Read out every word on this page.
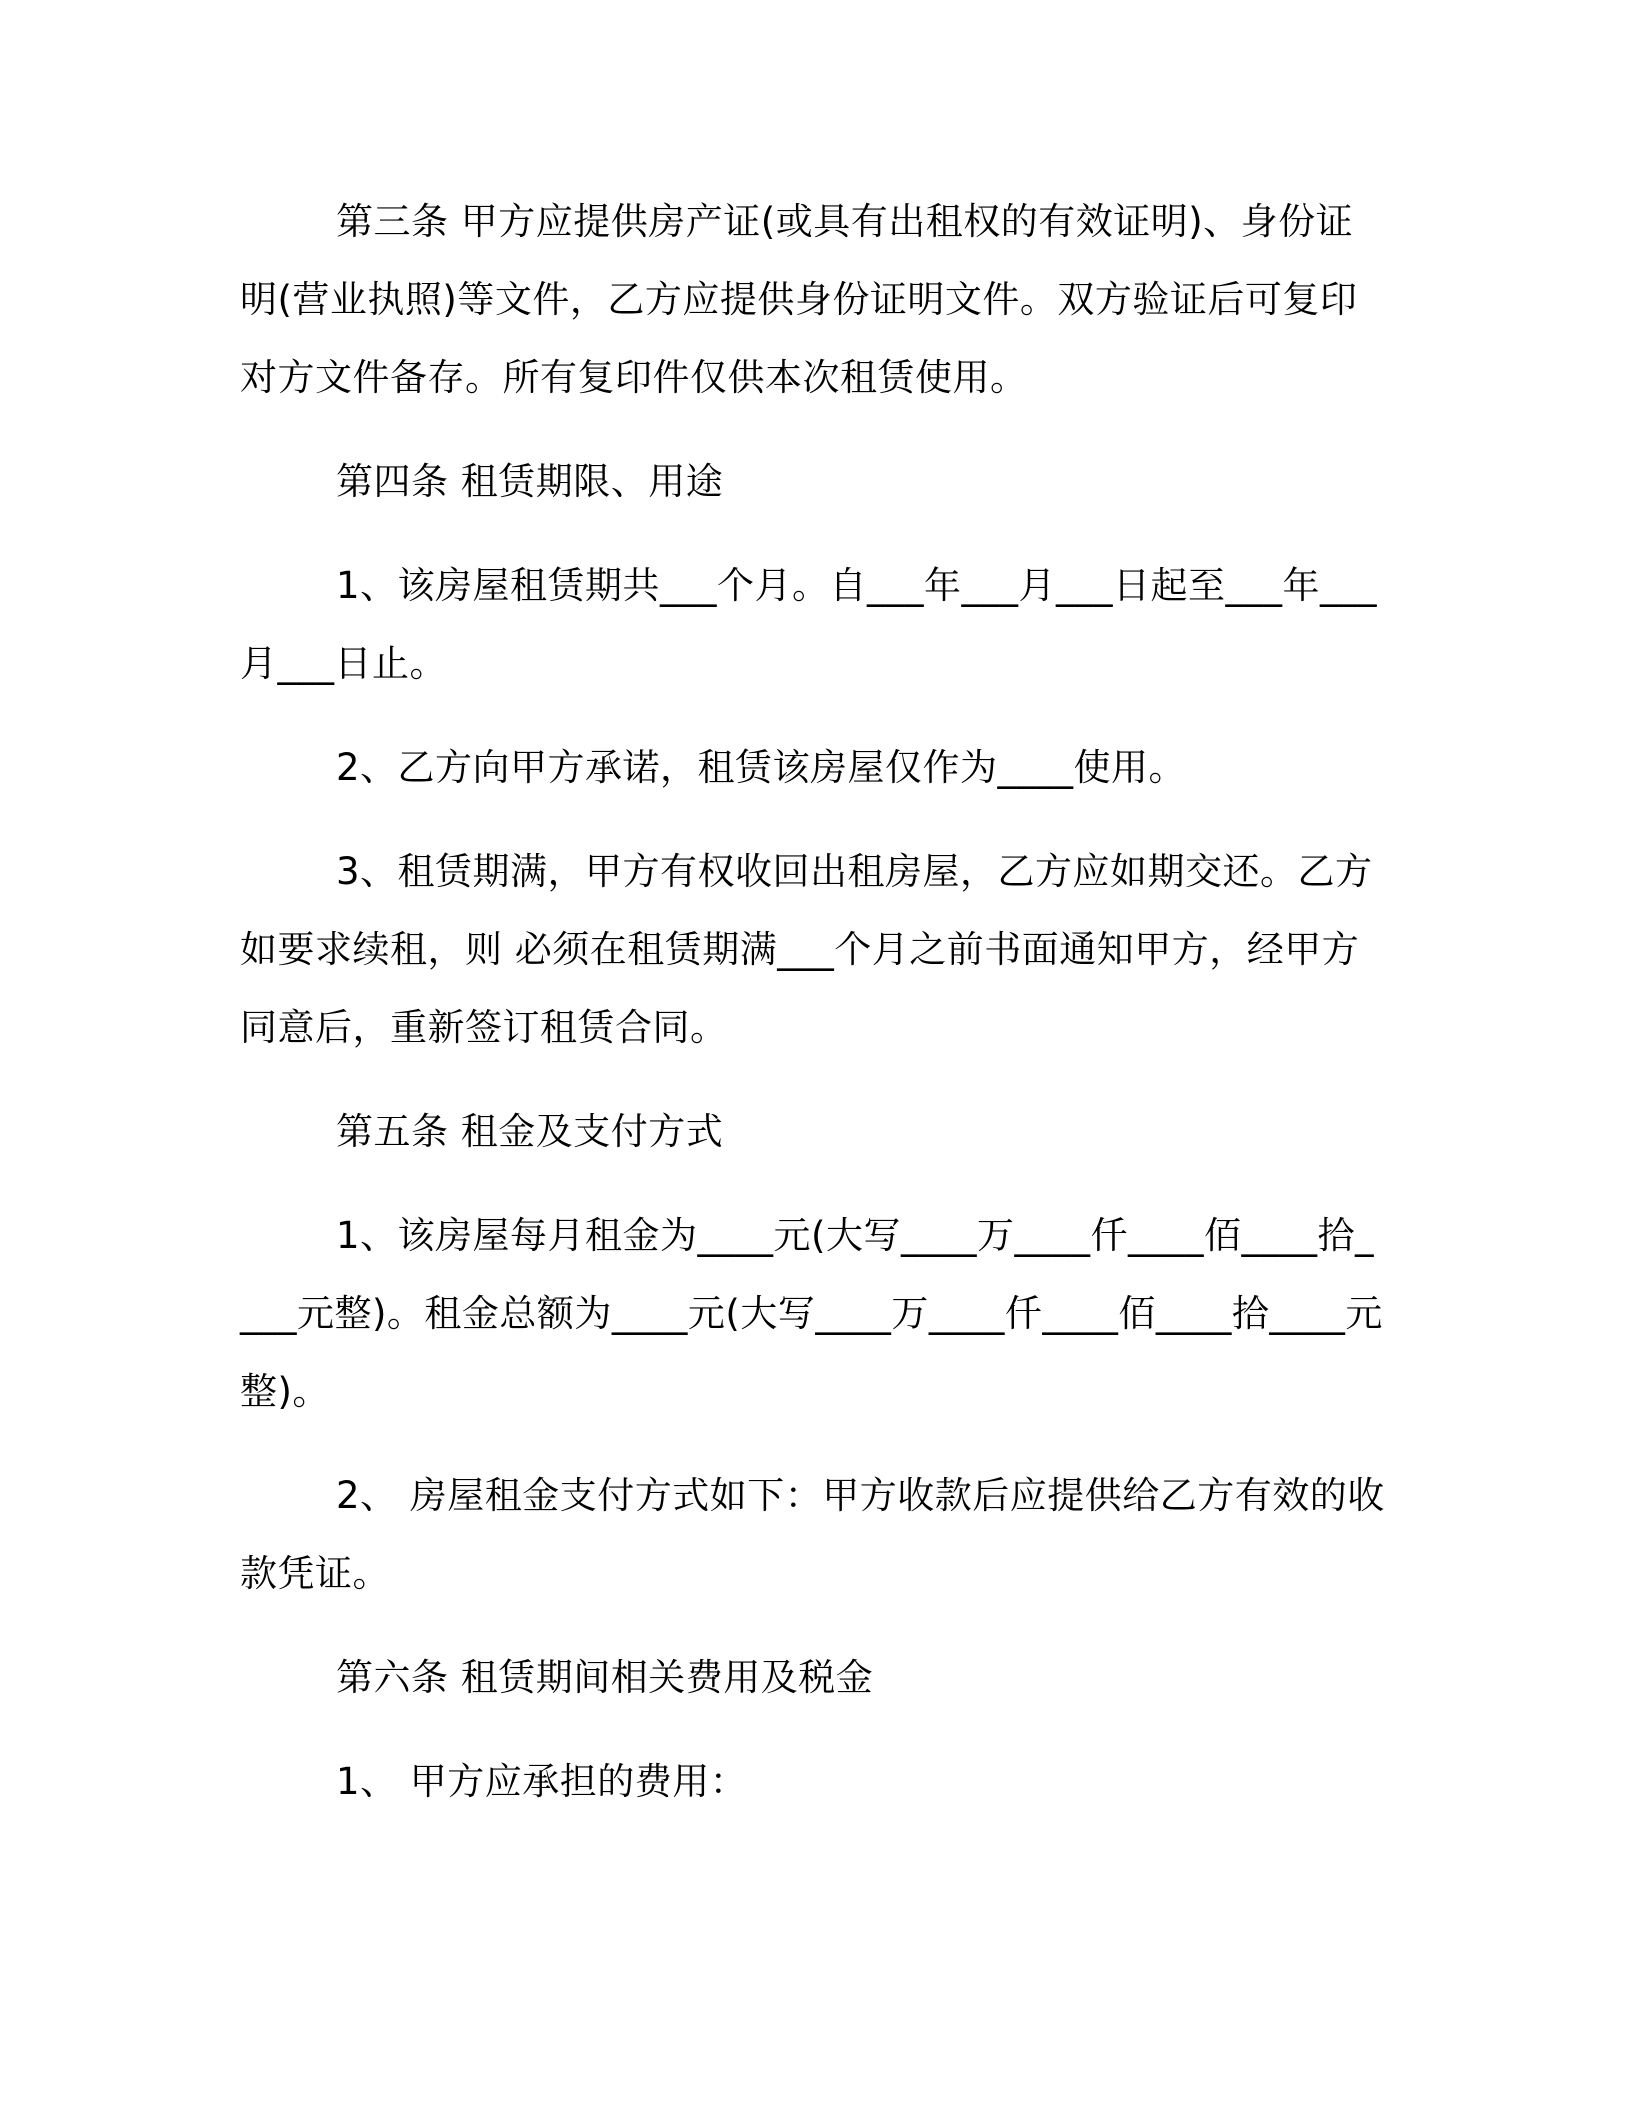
第三条 甲方应提供房产证(或具有出租权的有效证明)、身份证明(营业执照)等文件，乙方应提供身份证明文件。双方验证后可复印对方文件备存。所有复印件仅供本次租赁使用。

第四条 租赁期限、用途

1、该房屋租赁期共___个月。自___年___月___日起至___年___月___日止。

2、乙方向甲方承诺，租赁该房屋仅作为____使用。

3、租赁期满，甲方有权收回出租房屋，乙方应如期交还。乙方如要求续租，则 必须在租赁期满___个月之前书面通知甲方，经甲方同意后，重新签订租赁合同。

第五条 租金及支付方式

1、该房屋每月租金为____元(大写____万____仟____佰____拾____元整)。租金总额为____元(大写____万____仟____佰____拾____元整)。

2、 房屋租金支付方式如下：甲方收款后应提供给乙方有效的收款凭证。

第六条 租赁期间相关费用及税金

1、 甲方应承担的费用：
